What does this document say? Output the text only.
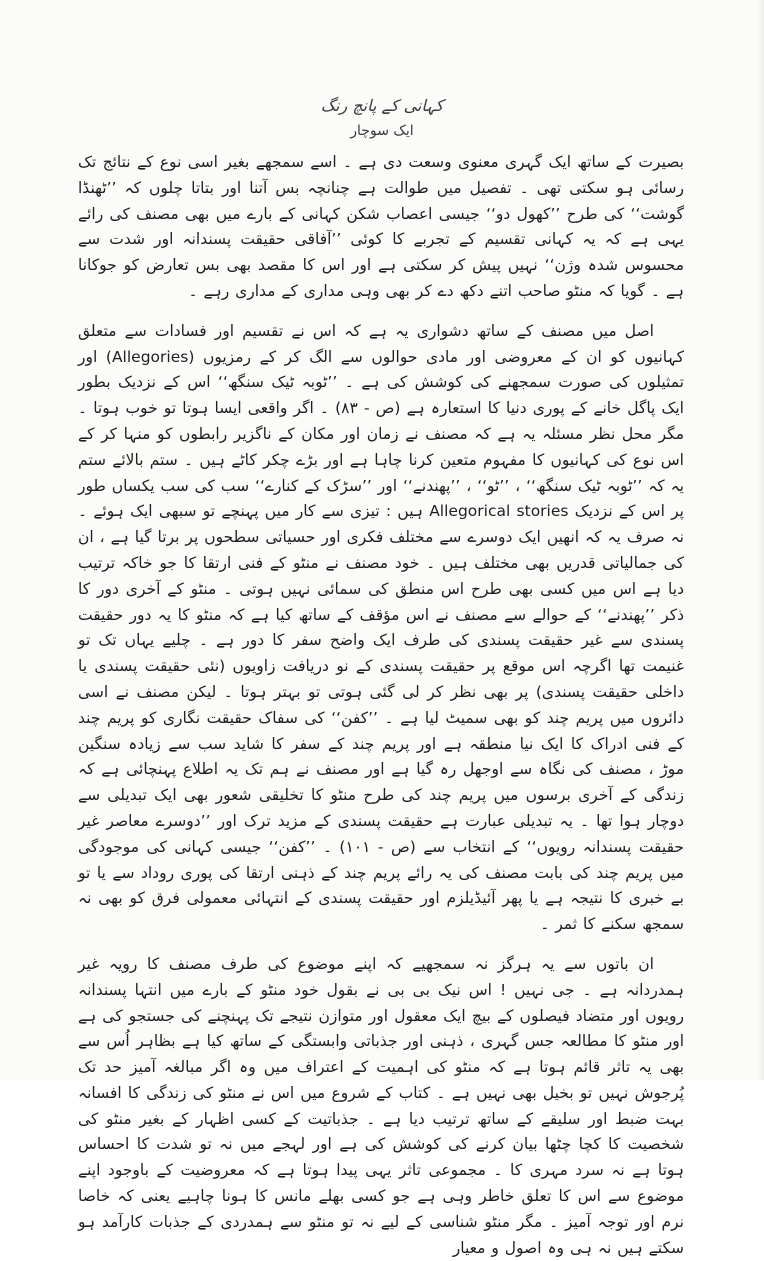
کہانی کے پانچ رنگ
ایک سوچار

بصیرت کے ساتھ ایک گہری معنوی وسعت دی ہے ۔ اسے سمجھے بغیر اسی نوع کے نتائج تک رسائی ہو سکتی تھی ۔ تفصیل میں طوالت ہے چنانچہ بس آتنا اور بتاتا چلوں کہ ’’ٹھنڈا گوشت‘‘ کی طرح ’’کھول دو‘‘ جیسی اعصاب شکن کہانی کے بارے میں بھی مصنف کی رائے یہی ہے کہ یہ کہانی تقسیم کے تجربے کا کوئی ’’آفاقی حقیقت پسندانہ اور شدت سے محسوس شدہ وژن‘‘ نہیں پیش کر سکتی ہے اور اس کا مقصد بھی بس تعارض کو جوکانا ہے ۔ گویا کہ منٹو صاحب اتنے دکھ دے کر بھی وہی مداری کے مداری رہے ۔

اصل میں مصنف کے ساتھ دشواری یہ ہے کہ اس نے تقسیم اور فسادات سے متعلق کہانیوں کو ان کے معروضی اور مادی حوالوں سے الگ کر کے رمزیوں (Allegories) اور تمثیلوں کی صورت سمجھنے کی کوشش کی ہے ۔ ’’ٹوبہ ٹیک سنگھ‘‘ اس کے نزدیک بطور ایک پاگل خانے کے پوری دنیا کا استعارہ ہے (ص - ۸۳) ۔ اگر واقعی ایسا ہوتا تو خوب ہوتا ۔ مگر محل نظر مسئلہ یہ ہے کہ مصنف نے زمان اور مکان کے ناگزیر رابطوں کو منہا کر کے اس نوع کی کہانیوں کا مفہوم متعین کرنا چاہا ہے اور بڑے چکر کاٹے ہیں ۔ ستم بالائے ستم یہ کہ ’’ٹوبہ ٹیک سنگھ‘‘ ، ’’ٹو‘‘ ، ’’پھندنے‘‘ اور ’’سڑک کے کنارے‘‘ سب کی سب یکساں طور پر اس کے نزدیک Allegorical stories ہیں : تیزی سے کار میں پہنچے تو سبھی ایک ہوئے ۔ نہ صرف یہ کہ انھیں ایک دوسرے سے مختلف فکری اور حسیاتی سطحوں پر برتا گیا ہے ، ان کی جمالیاتی قدریں بھی مختلف ہیں ۔ خود مصنف نے منٹو کے فنی ارتقا کا جو خاکہ ترتیب دیا ہے اس میں کسی بھی طرح اس منطق کی سمائی نہیں ہوتی ۔ منٹو کے آخری دور کا ذکر ’’پھندنے‘‘ کے حوالے سے مصنف نے اس مؤقف کے ساتھ کیا ہے کہ منٹو کا یہ دور حقیقت پسندی سے غیر حقیقت پسندی کی طرف ایک واضح سفر کا دور ہے ۔ چلیے یہاں تک تو غنیمت تھا اگرچہ اس موقع پر حقیقت پسندی کے نو دریافت زاویوں (نئی حقیقت پسندی یا داخلی حقیقت پسندی) پر بھی نظر کر لی گئی ہوتی تو بہتر ہوتا ۔ لیکن مصنف نے اسی دائروں میں پریم چند کو بھی سمیٹ لیا ہے ۔ ’’کفن‘‘ کی سفاک حقیقت نگاری کو پریم چند کے فنی ادراک کا ایک نیا منطقہ ہے اور پریم چند کے سفر کا شاید سب سے زیادہ سنگین موڑ ، مصنف کی نگاہ سے اوجھل رہ گیا ہے اور مصنف نے ہم تک یہ اطلاع پہنچائی ہے کہ زندگی کے آخری برسوں میں پریم چند کی طرح منٹو کا تخلیقی شعور بھی ایک تبدیلی سے دوچار ہوا تھا ۔ یہ تبدیلی عبارت ہے حقیقت پسندی کے مزید ترک اور ’’دوسرے معاصر غیر حقیقت پسندانہ رویوں‘‘ کے انتخاب سے (ص - ۱۰۱) ۔ ’’کفن‘‘ جیسی کہانی کی موجودگی میں پریم چند کی بابت مصنف کی یہ رائے پریم چند کے ذہنی ارتقا کی پوری روداد سے یا تو بے خبری کا نتیجہ ہے یا پھر آئیڈیلزم اور حقیقت پسندی کے انتہائی معمولی فرق کو بھی نہ سمجھ سکنے کا ثمر ۔

ان باتوں سے یہ ہرگز نہ سمجھیے کہ اپنے موضوع کی طرف مصنف کا رویہ غیر ہمدردانہ ہے ۔ جی نہیں ! اس نیک بی بی نے بقول خود منٹو کے بارے میں انتہا پسندانہ رویوں اور متضاد فیصلوں کے بیچ ایک معقول اور متوازن نتیجے تک پہنچنے کی جستجو کی ہے اور منٹو کا مطالعہ جس گہری ، ذہنی اور جذباتی وابستگی کے ساتھ کیا ہے بظاہر اُس سے بھی یہ تاثر قائم ہوتا ہے کہ منٹو کی اہمیت کے اعتراف میں وہ اگر مبالغہ آمیز حد تک پُرجوش نہیں تو بخیل بھی نہیں ہے ۔ کتاب کے شروع میں اس نے منٹو کی زندگی کا افسانہ بہت ضبط اور سلیقے کے ساتھ ترتیب دیا ہے ۔ جذباتیت کے کسی اظہار کے بغیر منٹو کی شخصیت کا کچا چٹھا بیان کرنے کی کوشش کی ہے اور لہجے میں نہ تو شدت کا احساس ہوتا ہے نہ سرد مہری کا ۔ مجموعی تاثر یہی پیدا ہوتا ہے کہ معروضیت کے باوجود اپنے موضوع سے اس کا تعلق خاطر وہی ہے جو کسی بھلے مانس کا ہونا چاہیے یعنی کہ خاصا نرم اور توجہ آمیز ۔ مگر منٹو شناسی کے لیے نہ تو منٹو سے ہمدردی کے جذبات کارآمد ہو سکتے ہیں نہ ہی وہ اصول و معیار
